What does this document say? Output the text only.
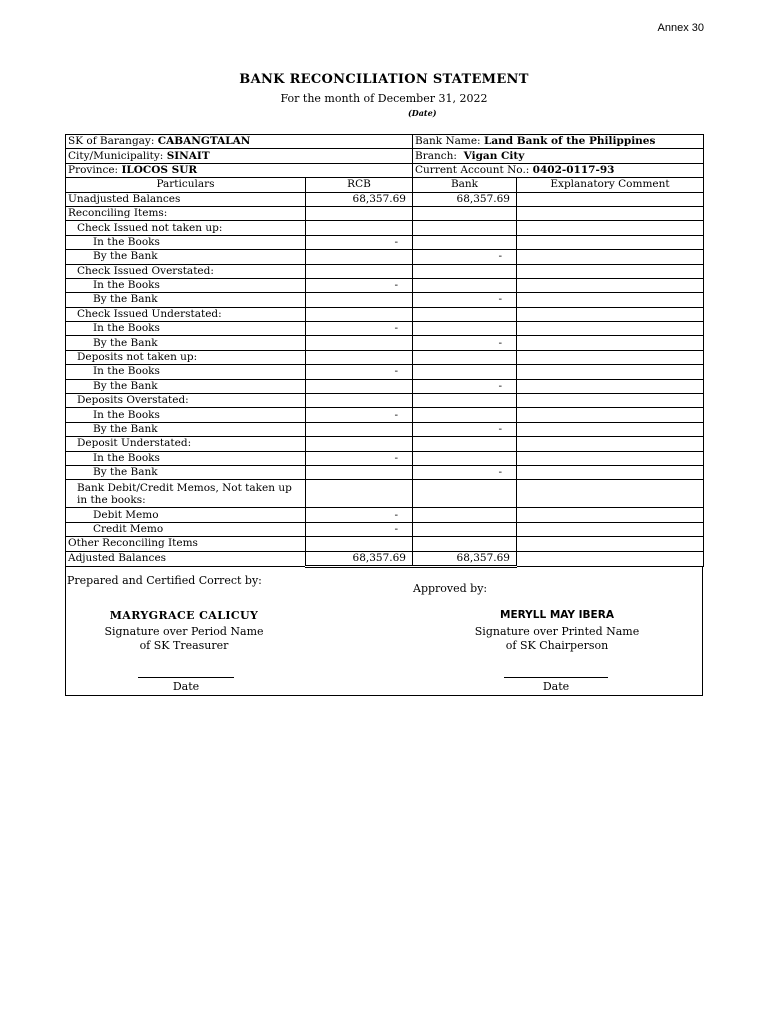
Annex 30
BANK RECONCILIATION STATEMENT
For the month of December 31, 2022
(Date)
SK of Barangay: CABANGTALAN		Bank Name: Land Bank of the Philippines	
City/Municipality: SINAIT		Branch: Vigan City	
Province: ILOCOS SUR		Current Account No.: 0402-0117-93	
Particulars	RCB	Bank	Explanatory Comment
Unadjusted Balances	68,357.69	68,357.69	
Reconciling Items:			
Check Issued not taken up:			
In the Books	-		
By the Bank		-	
Check Issued Overstated:			
In the Books	-		
By the Bank		-	
Check Issued Understated:			
In the Books	-		
By the Bank		-	
Deposits not taken up:			
In the Books	-		
By the Bank		-	
Deposits Overstated:			
In the Books	-		
By the Bank		-	
Deposit Understated:			
In the Books	-		
By the Bank		-	
Bank Debit/Credit Memos, Not taken up in the books:			
Debit Memo	-		
Credit Memo	-		
Other Reconciling Items			
Adjusted Balances	68,357.69	68,357.69	
Prepared and Certified Correct by:
Approved by:
MARYGRACE CALICUY
Signature over Period Name
of SK Treasurer
MERYLL MAY IBERA
Signature over Printed Name
of SK Chairperson
Date	Date
